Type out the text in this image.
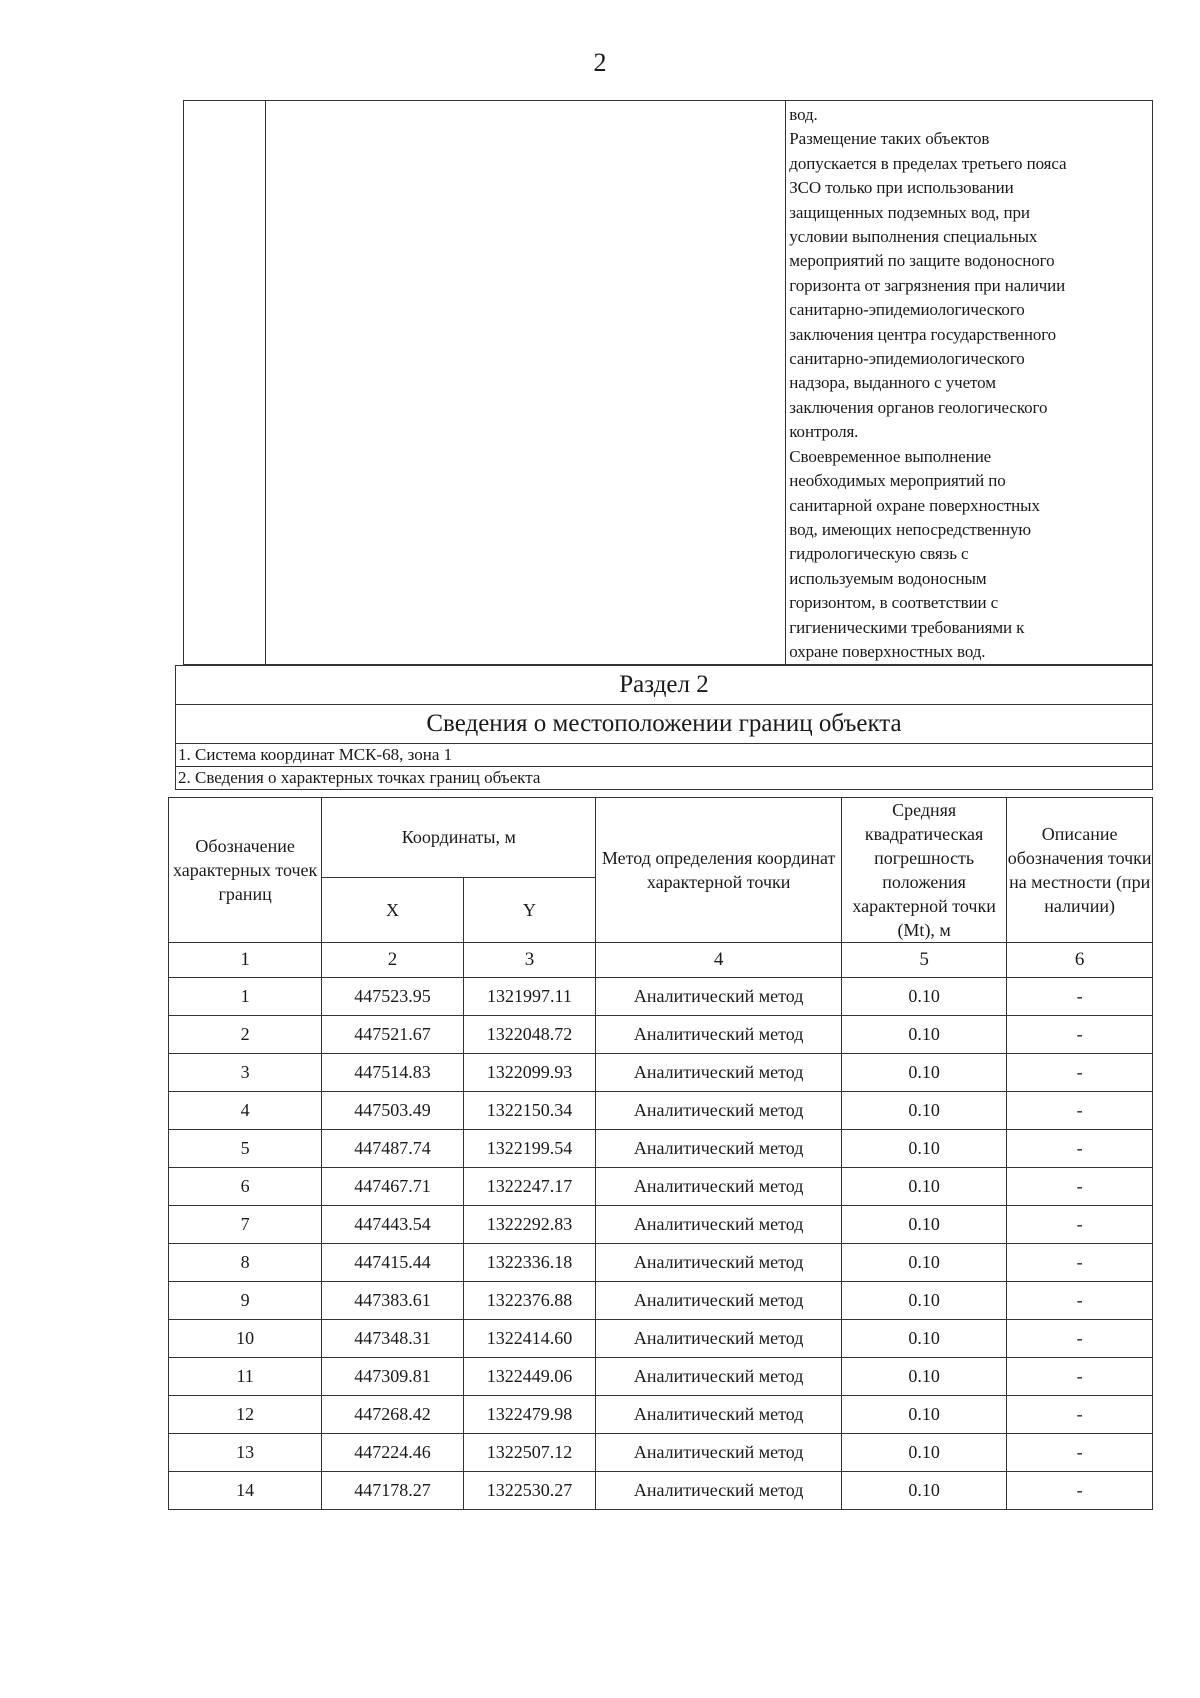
2

вод.
Размещение таких объектов
допускается в пределах третьего пояса
ЗСО только при использовании
защищенных подземных вод, при
условии выполнения специальных
мероприятий по защите водоносного
горизонта от загрязнения при наличии
санитарно-эпидемиологического
заключения центра государственного
санитарно-эпидемиологического
надзора, выданного с учетом
заключения органов геологического
контроля.
Своевременное выполнение
необходимых мероприятий по
санитарной охране поверхностных
вод, имеющих непосредственную
гидрологическую связь с
используемым водоносным
горизонтом, в соответствии с
гигиеническими требованиями к
охране поверхностных вод.
Раздел 2
Сведения о местоположении границ объекта
1. Система координат МСК-68, зона 1
2. Сведения о характерных точках границ объекта
Обозначение характерных точек границ	Координаты, м		Метод определения координат характерной точки	Средняя квадратическая погрешность положения характерной точки (Mt), м	Описание обозначения точки на местности (при наличии)
	X	Y			
1	2	3	4	5	6
1	447523.95	1321997.11	Аналитический метод	0.10	-
2	447521.67	1322048.72	Аналитический метод	0.10	-
3	447514.83	1322099.93	Аналитический метод	0.10	-
4	447503.49	1322150.34	Аналитический метод	0.10	-
5	447487.74	1322199.54	Аналитический метод	0.10	-
6	447467.71	1322247.17	Аналитический метод	0.10	-
7	447443.54	1322292.83	Аналитический метод	0.10	-
8	447415.44	1322336.18	Аналитический метод	0.10	-
9	447383.61	1322376.88	Аналитический метод	0.10	-
10	447348.31	1322414.60	Аналитический метод	0.10	-
11	447309.81	1322449.06	Аналитический метод	0.10	-
12	447268.42	1322479.98	Аналитический метод	0.10	-
13	447224.46	1322507.12	Аналитический метод	0.10	-
14	447178.27	1322530.27	Аналитический метод	0.10	-
